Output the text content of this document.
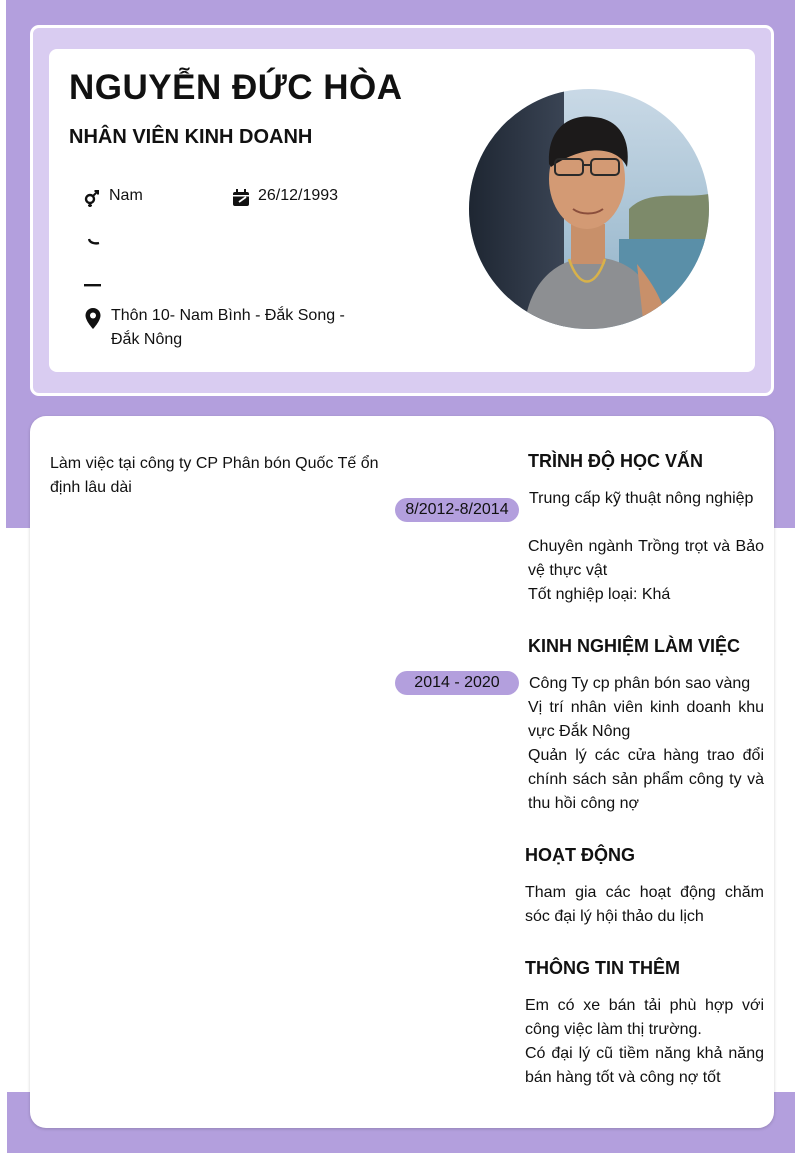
NGUYỄN ĐỨC HÒA
NHÂN VIÊN KINH DOANH
Nam	26/12/1993
Thôn 10- Nam Bình - Đắk Song - Đắk Nông

Làm việc tại công ty CP Phân bón Quốc Tế ổn định lâu dài

TRÌNH ĐỘ HỌC VẤN
8/2012-8/2014

Trung cấp kỹ thuật nông nghiệp

Chuyên ngành Trồng trọt và Bảo vệ thực vật

Tốt nghiệp loại: Khá

KINH NGHIỆM LÀM VIỆC
2014 - 2020	Công Ty cp phân bón sao vàng

Vị trí nhân viên kinh doanh khu vực Đắk Nông

Quản lý các cửa hàng trao đổi chính sách sản phẩm công ty và thu hồi công nợ

HOẠT ĐỘNG

Tham gia các hoạt động chăm sóc đại lý hội thảo du lịch

THÔNG TIN THÊM

Em có xe bán tải phù hợp với công việc làm thị trường.

Có đại lý cũ tiềm năng khả năng bán hàng tốt và công nợ tốt
